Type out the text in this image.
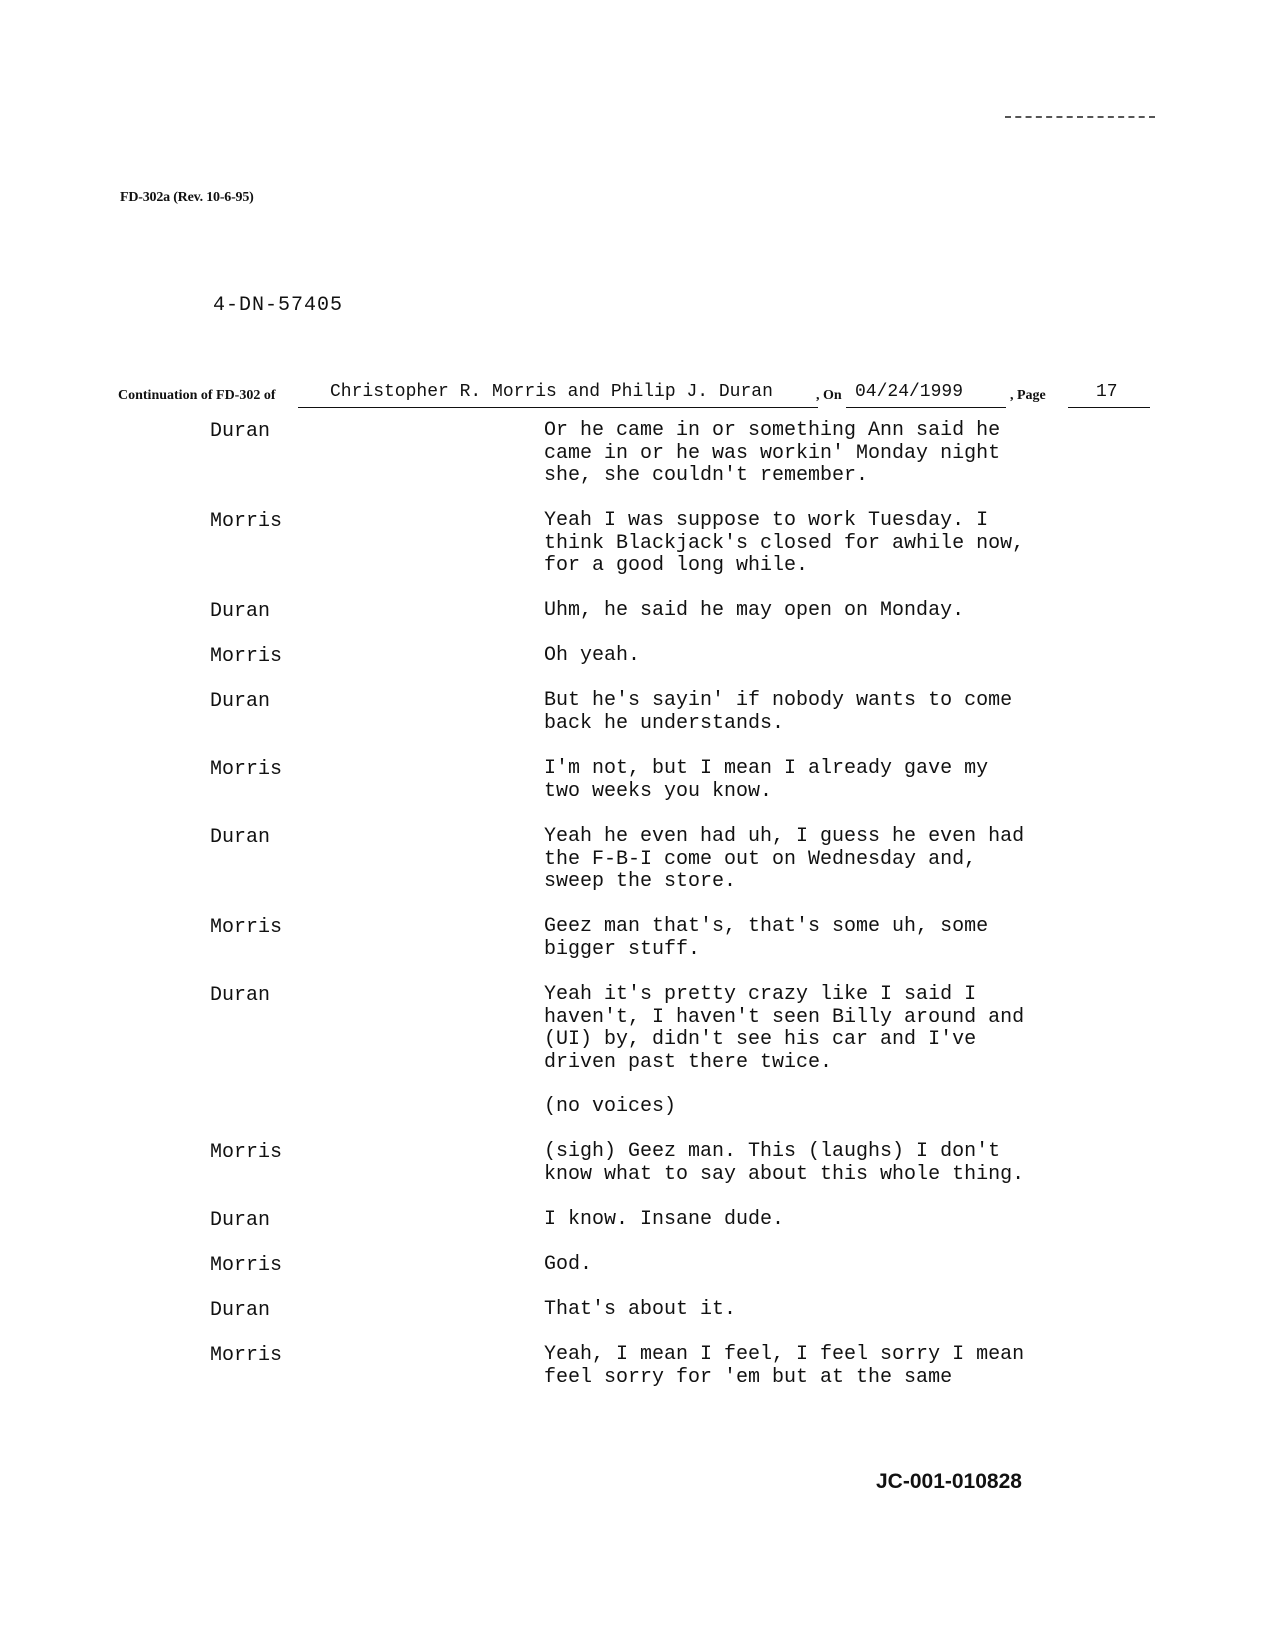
FD-302a (Rev. 10-6-95)
4-DN-57405
Continuation of FD-302 of	Christopher R. Morris and Philip J. Duran	, On 04/24/1999	, Page	17
Duran	Or he came in or something Ann said he
came in or he was workin' Monday night
she, she couldn't remember.
Morris	Yeah I was suppose to work Tuesday. I
think Blackjack's closed for awhile now,
for a good long while.
Duran	Uhm, he said he may open on Monday.
Morris	Oh yeah.
Duran	But he's sayin' if nobody wants to come
back he understands.
Morris	I'm not, but I mean I already gave my
two weeks you know.
Duran	Yeah he even had uh, I guess he even had
the F-B-I come out on Wednesday and,
sweep the store.
Morris	Geez man that's, that's some uh, some
bigger stuff.
Duran	Yeah it's pretty crazy like I said I
haven't, I haven't seen Billy around and
(UI) by, didn't see his car and I've
driven past there twice.
(no voices)
Morris	(sigh) Geez man. This (laughs) I don't
know what to say about this whole thing.
Duran	I know. Insane dude.
Morris	God.
Duran	That's about it.
Morris	Yeah, I mean I feel, I feel sorry I mean
feel sorry for 'em but at the same
JC-001-010828
